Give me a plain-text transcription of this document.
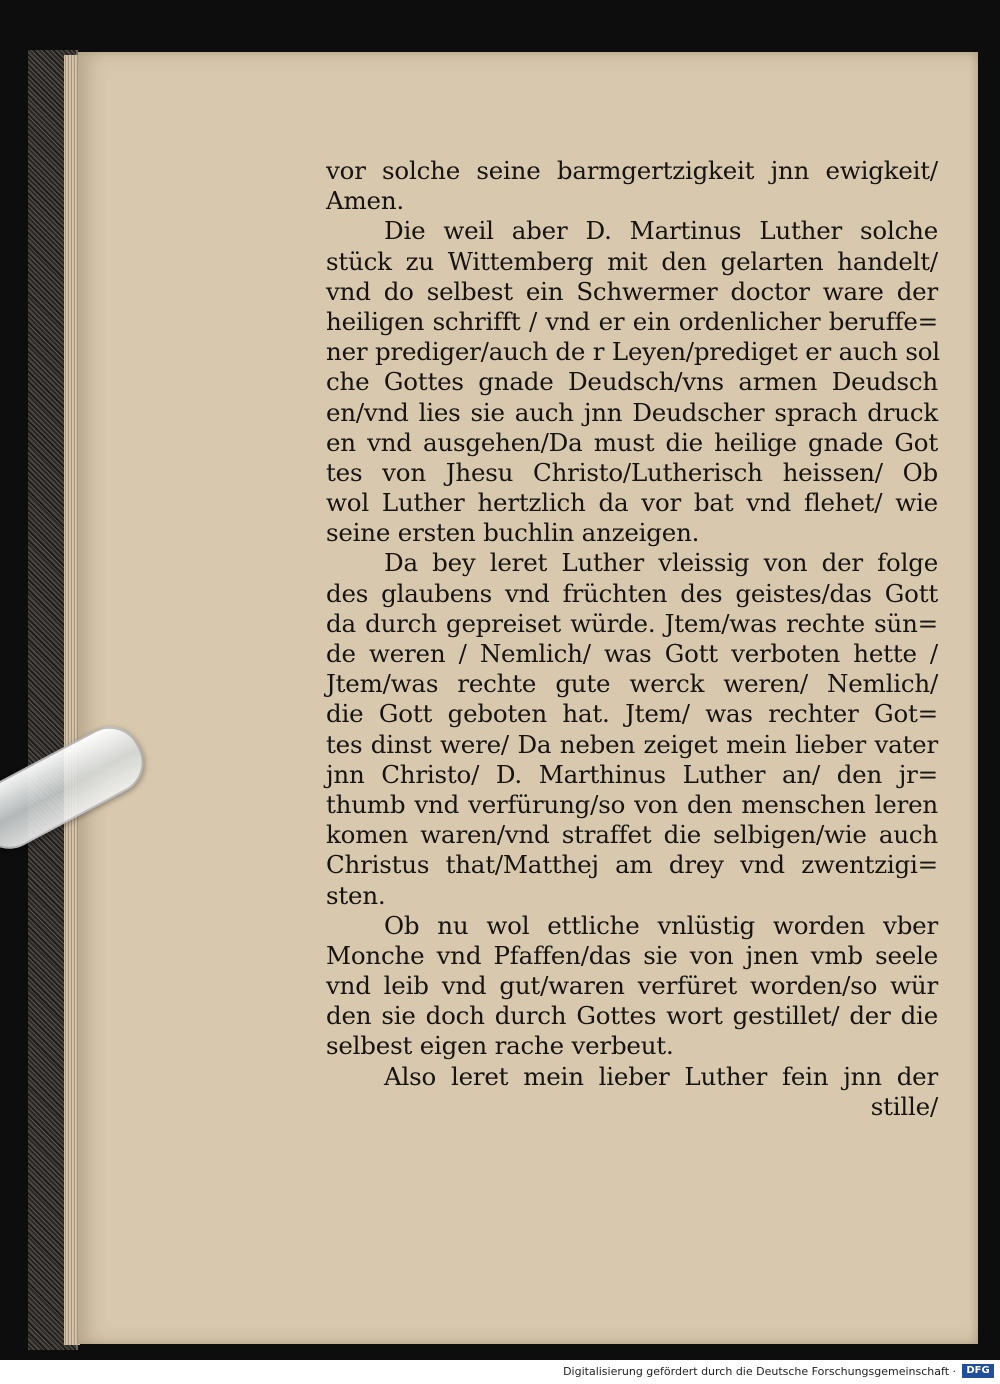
vor solche seine barmgertzigkeit jnn ewigkeit/
Amen.
Die weil aber D. Martinus Luther solche
stück zu Wittemberg mit den gelarten handelt/
vnd do selbest ein Schwermer doctor ware der
heiligen schrifft / vnd er ein ordenlicher beruffe=
ner prediger/auch de r Leyen/prediget er auch sol
che Gottes gnade Deudsch/vns armen Deudsch
en/vnd lies sie auch jnn Deudscher sprach druck
en vnd ausgehen/Da must die heilige gnade Got
tes von Jhesu Christo/Lutherisch heissen/ Ob
wol Luther hertzlich da vor bat vnd flehet/ wie
seine ersten buchlin anzeigen.
Da bey leret Luther vleissig von der folge
des glaubens vnd früchten des geistes/das Gott
da durch gepreiset würde. Jtem/was rechte sün=
de weren / Nemlich/ was Gott verboten hette /
Jtem/was rechte gute werck weren/ Nemlich/
die Gott geboten hat. Jtem/ was rechter Got=
tes dinst were/ Da neben zeiget mein lieber vater
jnn Christo/ D. Marthinus Luther an/ den jr=
thumb vnd verfürung/so von den menschen leren
komen waren/vnd straffet die selbigen/wie auch
Christus that/Matthej am drey vnd zwentzigi=
sten.
Ob nu wol ettliche vnlüstig worden vber
Monche vnd Pfaffen/das sie von jnen vmb seele
vnd leib vnd gut/waren verfüret worden/so wür
den sie doch durch Gottes wort gestillet/ der die
selbest eigen rache verbeut.
Also leret mein lieber Luther fein jnn der
stille/
Digitalisierung gefördert durch die Deutsche Forschungsgemeinschaft ·	DFG
